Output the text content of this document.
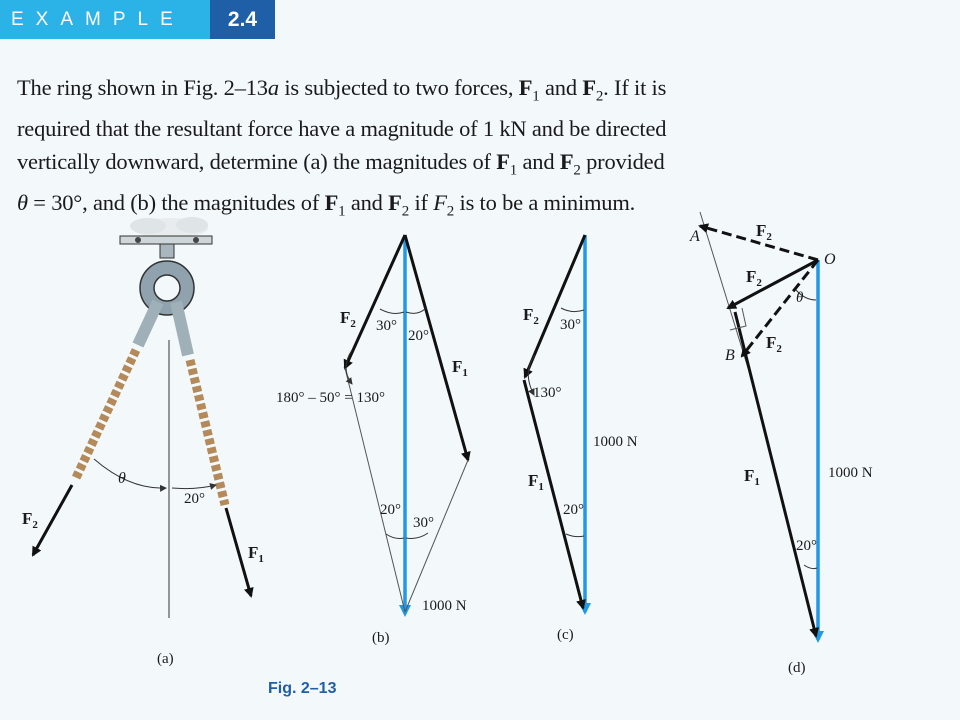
EXAMPLE	2.4

The ring shown in Fig. 2–13a is subjected to two forces, $F_1$ and $F_2$. If it is

required that the resultant force have a magnitude of 1 kN and be directed

vertically downward, determine (a) the magnitudes of $F_1$ and $F_2$ provided

θ = 30°, and (b) the magnitudes of $F_1$ and $F_2$ if $F_2$ is to be a minimum.

θ
20°
$F_2$
$F_1$
(a)
30°
20°
180° – 50° = 130°
20°
30°
1000 N
$F_2$
$F_1$
(b)
30°
130°
20°
1000 N
$F_2$
$F_1$
(c)
A
B
O
θ
20°
1000 N
$F_2$
$F_2$
$F_2$
$F_1$
(d)
Fig. 2–13
